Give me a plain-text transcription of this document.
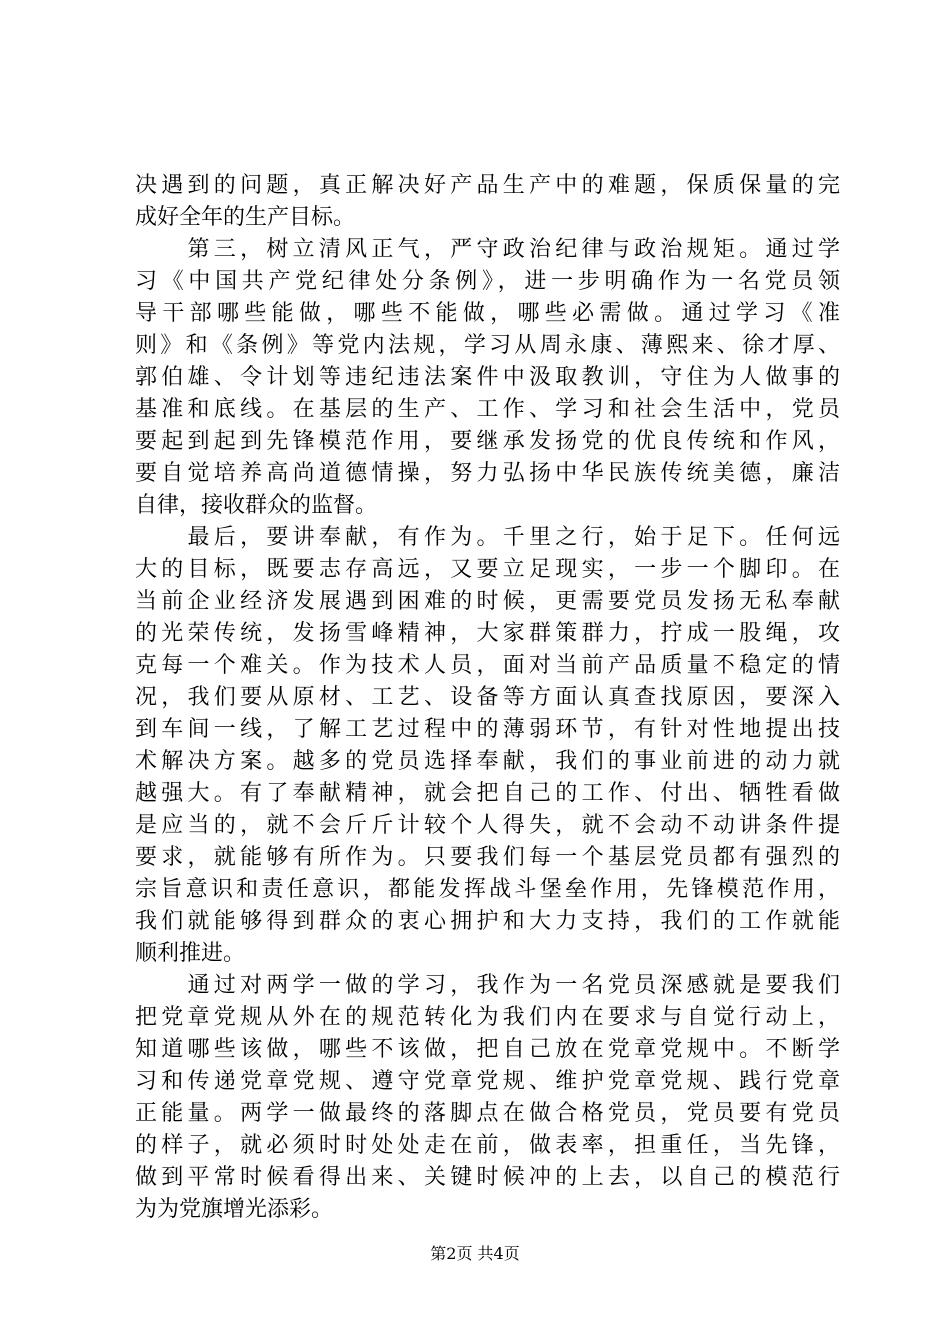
决遇到的问题，真正解决好产品生产中的难题，保质保量的完
成好全年的生产目标。
　　第三，树立清风正气，严守政治纪律与政治规矩。通过学
习《中国共产党纪律处分条例》，进一步明确作为一名党员领
导干部哪些能做，哪些不能做，哪些必需做。通过学习《准
则》和《条例》等党内法规，学习从周永康、薄熙来、徐才厚、
郭伯雄、令计划等违纪违法案件中汲取教训，守住为人做事的
基准和底线。在基层的生产、工作、学习和社会生活中，党员
要起到起到先锋模范作用，要继承发扬党的优良传统和作风，
要自觉培养高尚道德情操，努力弘扬中华民族传统美德，廉洁
自律，接收群众的监督。
　　最后，要讲奉献，有作为。千里之行，始于足下。任何远
大的目标，既要志存高远，又要立足现实，一步一个脚印。在
当前企业经济发展遇到困难的时候，更需要党员发扬无私奉献
的光荣传统，发扬雪峰精神，大家群策群力，拧成一股绳，攻
克每一个难关。作为技术人员，面对当前产品质量不稳定的情
况，我们要从原材、工艺、设备等方面认真查找原因，要深入
到车间一线，了解工艺过程中的薄弱环节，有针对性地提出技
术解决方案。越多的党员选择奉献，我们的事业前进的动力就
越强大。有了奉献精神，就会把自己的工作、付出、牺牲看做
是应当的，就不会斤斤计较个人得失，就不会动不动讲条件提
要求，就能够有所作为。只要我们每一个基层党员都有强烈的
宗旨意识和责任意识，都能发挥战斗堡垒作用，先锋模范作用，
我们就能够得到群众的衷心拥护和大力支持，我们的工作就能
顺利推进。
　　通过对两学一做的学习，我作为一名党员深感就是要我们
把党章党规从外在的规范转化为我们内在要求与自觉行动上，
知道哪些该做，哪些不该做，把自己放在党章党规中。不断学
习和传递党章党规、遵守党章党规、维护党章党规、践行党章
正能量。两学一做最终的落脚点在做合格党员，党员要有党员
的样子，就必须时时处处走在前，做表率，担重任，当先锋，
做到平常时候看得出来、关键时候冲的上去，以自己的模范行
为为党旗增光添彩。
第2页 共4页
